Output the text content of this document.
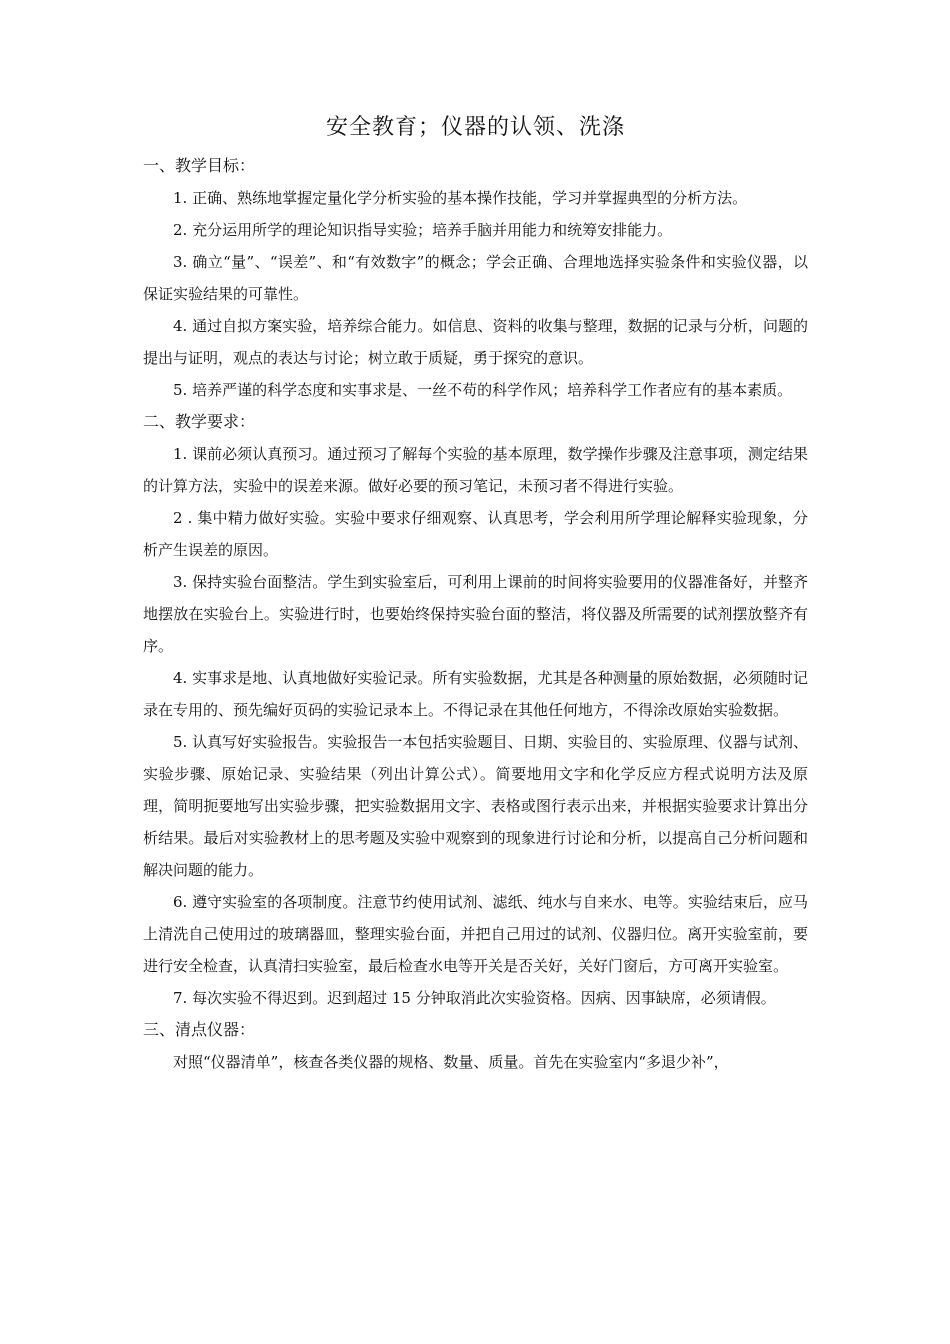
安全教育；仪器的认领、洗涤
一、教学目标：

1. 正确、熟练地掌握定量化学分析实验的基本操作技能，学习并掌握典型的分析方法。

2. 充分运用所学的理论知识指导实验；培养手脑并用能力和统筹安排能力。

3. 确立“量”、“误差”、和“有效数字”的概念；学会正确、合理地选择实验条件和实验仪器，以保证实验结果的可靠性。

4. 通过自拟方案实验，培养综合能力。如信息、资料的收集与整理，数据的记录与分析，问题的提出与证明，观点的表达与讨论；树立敢于质疑，勇于探究的意识。

5. 培养严谨的科学态度和实事求是、一丝不苟的科学作风；培养科学工作者应有的基本素质。

二、教学要求：

1. 课前必须认真预习。通过预习了解每个实验的基本原理，数学操作步骤及注意事项，测定结果的计算方法，实验中的误差来源。做好必要的预习笔记，未预习者不得进行实验。

2 . 集中精力做好实验。实验中要求仔细观察、认真思考，学会利用所学理论解释实验现象，分析产生误差的原因。

3. 保持实验台面整洁。学生到实验室后，可利用上课前的时间将实验要用的仪器准备好，并整齐地摆放在实验台上。实验进行时，也要始终保持实验台面的整洁，将仪器及所需要的试剂摆放整齐有序。

4. 实事求是地、认真地做好实验记录。所有实验数据，尤其是各种测量的原始数据，必须随时记录在专用的、预先编好页码的实验记录本上。不得记录在其他任何地方，不得涂改原始实验数据。

5. 认真写好实验报告。实验报告一本包括实验题目、日期、实验目的、实验原理、仪器与试剂、实验步骤、原始记录、实验结果（列出计算公式）。简要地用文字和化学反应方程式说明方法及原理，简明扼要地写出实验步骤，把实验数据用文字、表格或图行表示出来，并根据实验要求计算出分析结果。最后对实验教材上的思考题及实验中观察到的现象进行讨论和分析，以提高自己分析问题和解决问题的能力。

6. 遵守实验室的各项制度。注意节约使用试剂、滤纸、纯水与自来水、电等。实验结束后，应马上清洗自己使用过的玻璃器皿，整理实验台面，并把自己用过的试剂、仪器归位。离开实验室前，要进行安全检查，认真清扫实验室，最后检查水电等开关是否关好，关好门窗后，方可离开实验室。

7. 每次实验不得迟到。迟到超过 15 分钟取消此次实验资格。因病、因事缺席，必须请假。

三、清点仪器：

对照“仪器清单”，核查各类仪器的规格、数量、质量。首先在实验室内“多退少补”，
